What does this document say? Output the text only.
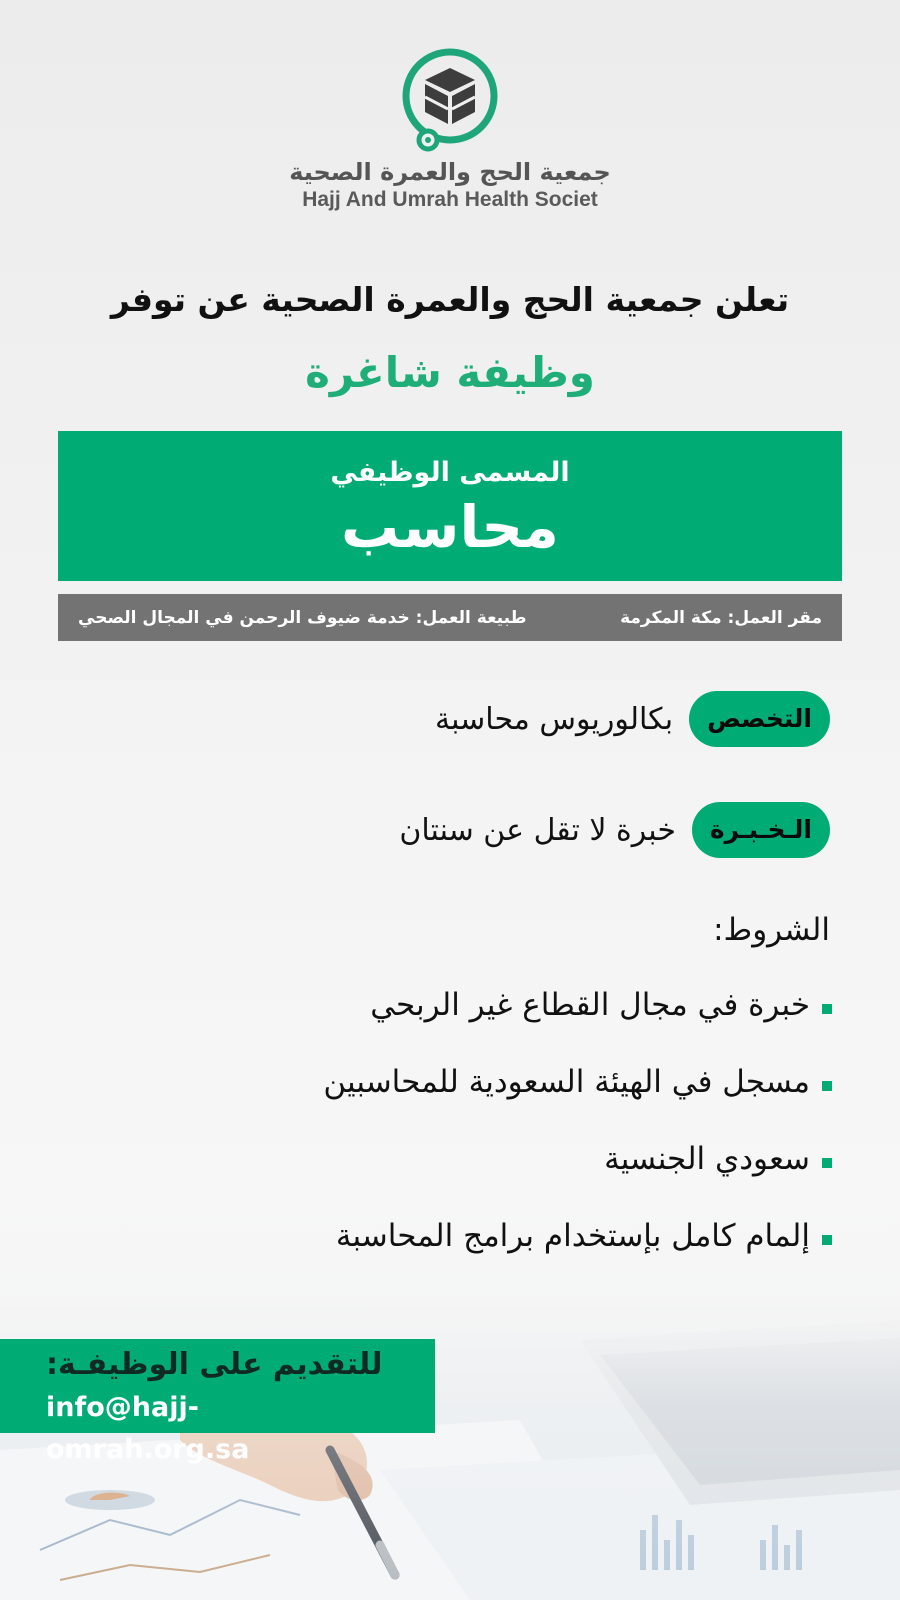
جمعية الحج والعمرة الصحية
Hajj And Umrah Health Societ
تعلن جمعية الحج والعمرة الصحية عن توفر
وظيفة شاغرة
المسمى الوظيفي
محاسب
مقر العمل: مكة المكرمة
طبيعة العمل: خدمة ضيوف الرحمن في المجال الصحي
التخصص
بكالوريوس محاسبة
الـخـبـرة
خبرة لا تقل عن سنتان
الشروط:
خبرة في مجال القطاع غير الربحي
مسجل في الهيئة السعودية للمحاسبين
سعودي الجنسية
إلمام كامل بإستخدام برامج المحاسبة
للتقديم على الوظيفـة:
info@hajj-omrah.org.sa
